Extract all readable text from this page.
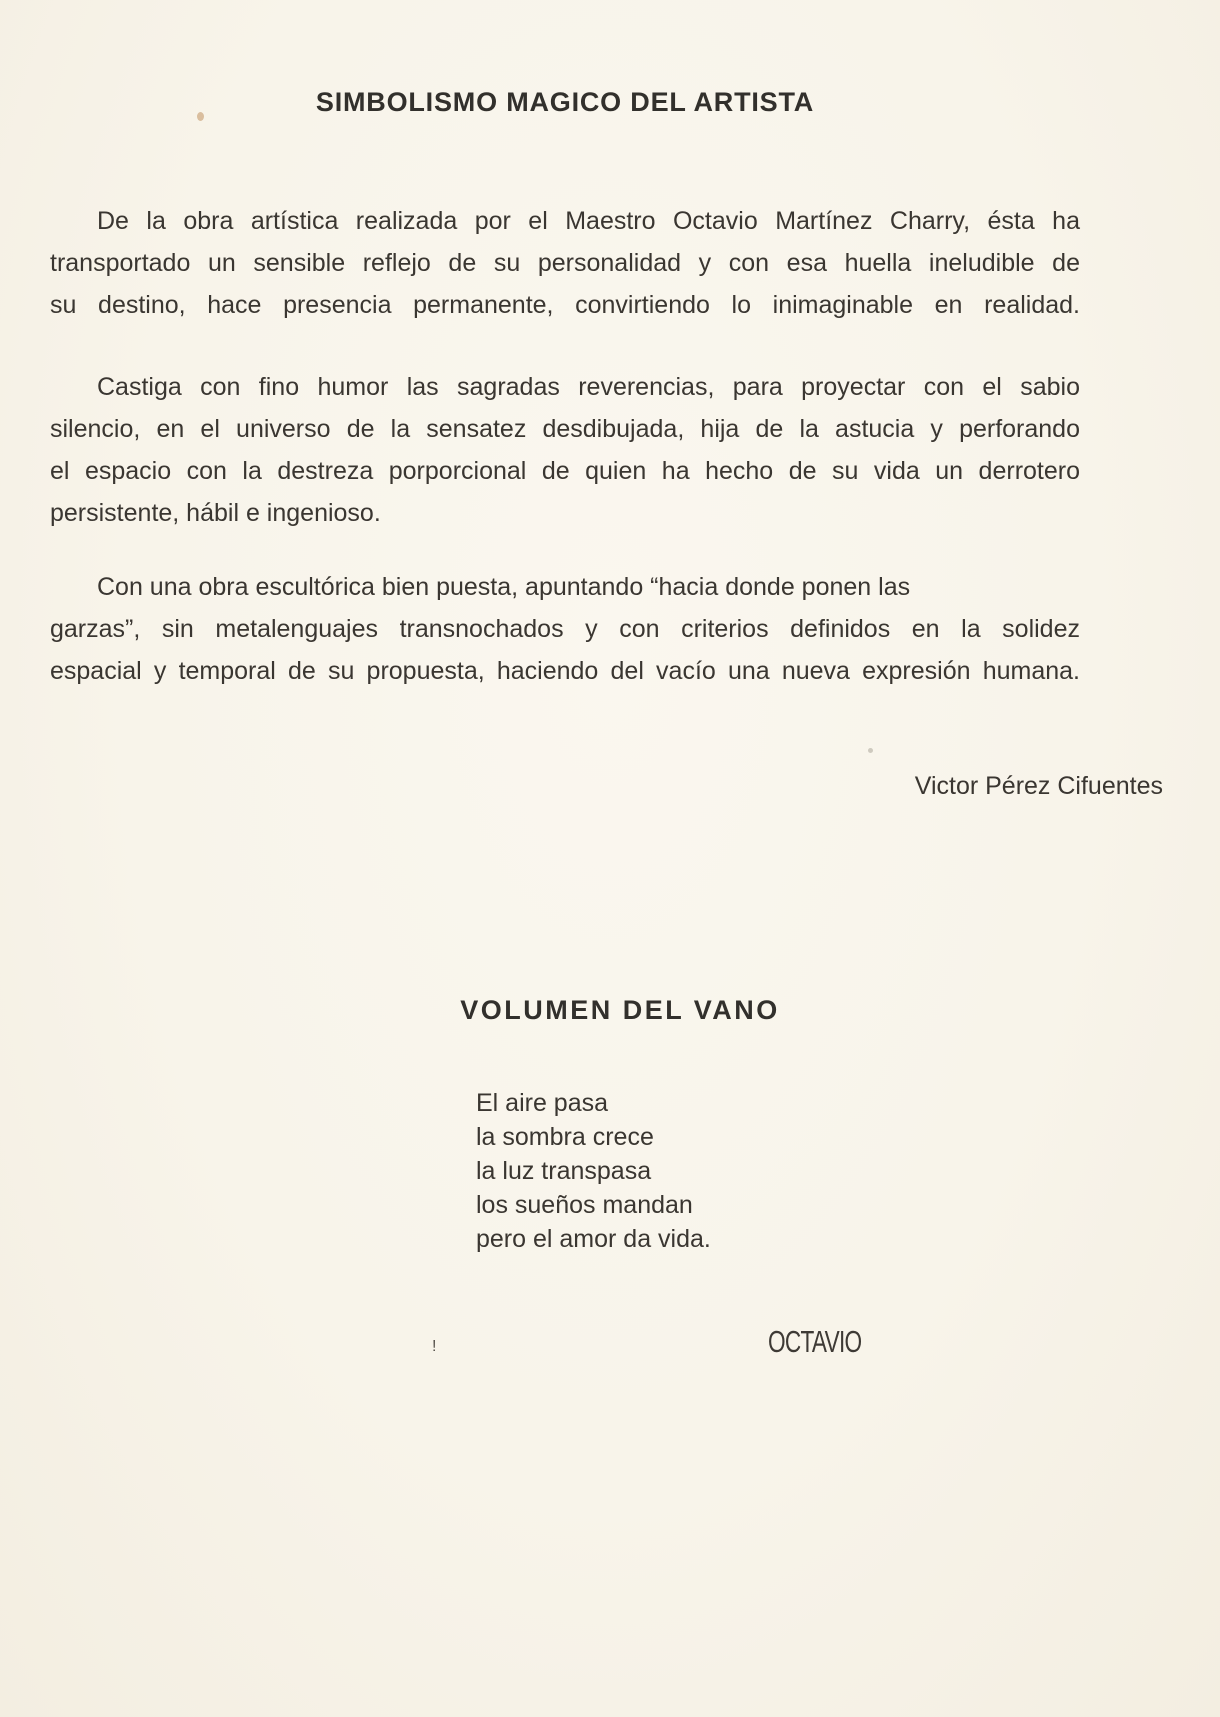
SIMBOLISMO MAGICO DEL ARTISTA
De la obra artística realizada por el Maestro Octavio Martínez Charry, ésta ha
transportado un sensible reflejo de su personalidad y con esa huella ineludible de
su destino, hace presencia permanente, convirtiendo lo inimaginable en realidad.
Castiga con fino humor las sagradas reverencias, para proyectar con el sabio
silencio, en el universo de la sensatez desdibujada, hija de la astucia y perforando
el espacio con la destreza porporcional de quien ha hecho de su vida un derrotero
persistente, hábil e ingenioso.
Con una obra escultórica bien puesta, apuntando “hacia donde ponen las
garzas”, sin metalenguajes transnochados y con criterios definidos en la solidez
espacial y temporal de su propuesta, haciendo del vacío una nueva expresión humana.
Victor Pérez Cifuentes
VOLUMEN DEL VANO
El aire pasa
la sombra crece
la luz transpasa
los sueños mandan
pero el amor da vida.
OCTAVIO
!
